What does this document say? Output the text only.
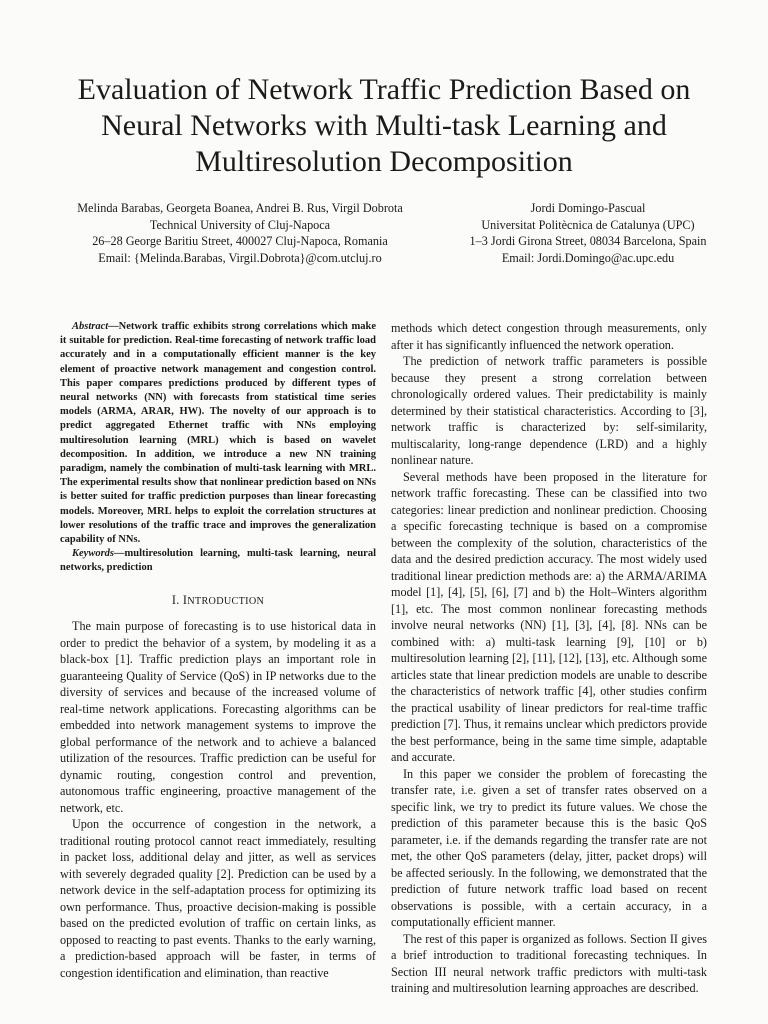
Evaluation of Network Traffic Prediction Based on
Neural Networks with Multi-task Learning and
Multiresolution Decomposition
Melinda Barabas, Georgeta Boanea, Andrei B. Rus, Virgil Dobrota
Technical University of Cluj-Napoca
26–28 George Baritiu Street, 400027 Cluj-Napoca, Romania
Email: {Melinda.Barabas, Virgil.Dobrota}@com.utcluj.ro
Jordi Domingo-Pascual
Universitat Politècnica de Catalunya (UPC)
1–3 Jordi Girona Street, 08034 Barcelona, Spain
Email: Jordi.Domingo@ac.upc.edu

Abstract—Network traffic exhibits strong correlations which make it suitable for prediction. Real-time forecasting of network traffic load accurately and in a computationally efficient manner is the key element of proactive network management and congestion control. This paper compares predictions produced by different types of neural networks (NN) with forecasts from statistical time series models (ARMA, ARAR, HW). The novelty of our approach is to predict aggregated Ethernet traffic with NNs employing multiresolution learning (MRL) which is based on wavelet decomposition. In addition, we introduce a new NN training paradigm, namely the combination of multi-task learning with MRL. The experimental results show that nonlinear prediction based on NNs is better suited for traffic prediction purposes than linear forecasting models. Moreover, MRL helps to exploit the correlation structures at lower resolutions of the traffic trace and improves the generalization capability of NNs.

Keywords—multiresolution learning, multi-task learning, neural networks, prediction

I. INTRODUCTION

The main purpose of forecasting is to use historical data in order to predict the behavior of a system, by modeling it as a black-box [1]. Traffic prediction plays an important role in guaranteeing Quality of Service (QoS) in IP networks due to the diversity of services and because of the increased volume of real-time network applications. Forecasting algorithms can be embedded into network management systems to improve the global performance of the network and to achieve a balanced utilization of the resources. Traffic prediction can be useful for dynamic routing, congestion control and prevention, autonomous traffic engineering, proactive management of the network, etc.

Upon the occurrence of congestion in the network, a traditional routing protocol cannot react immediately, resulting in packet loss, additional delay and jitter, as well as services with severely degraded quality [2]. Prediction can be used by a network device in the self-adaptation process for optimizing its own performance. Thus, proactive decision-making is possible based on the predicted evolution of traffic on certain links, as opposed to reacting to past events. Thanks to the early warning, a prediction-based approach will be faster, in terms of congestion identification and elimination, than reactive

methods which detect congestion through measurements, only after it has significantly influenced the network operation.

The prediction of network traffic parameters is possible because they present a strong correlation between chronologically ordered values. Their predictability is mainly determined by their statistical characteristics. According to [3], network traffic is characterized by: self-similarity, multiscalarity, long-range dependence (LRD) and a highly nonlinear nature.

Several methods have been proposed in the literature for network traffic forecasting. These can be classified into two categories: linear prediction and nonlinear prediction. Choosing a specific forecasting technique is based on a compromise between the complexity of the solution, characteristics of the data and the desired prediction accuracy. The most widely used traditional linear prediction methods are: a) the ARMA/ARIMA model [1], [4], [5], [6], [7] and b) the Holt–Winters algorithm [1], etc. The most common nonlinear forecasting methods involve neural networks (NN) [1], [3], [4], [8]. NNs can be combined with: a) multi-task learning [9], [10] or b) multiresolution learning [2], [11], [12], [13], etc. Although some articles state that linear prediction models are unable to describe the characteristics of network traffic [4], other studies confirm the practical usability of linear predictors for real-time traffic prediction [7]. Thus, it remains unclear which predictors provide the best performance, being in the same time simple, adaptable and accurate.

In this paper we consider the problem of forecasting the transfer rate, i.e. given a set of transfer rates observed on a specific link, we try to predict its future values. We chose the prediction of this parameter because this is the basic QoS parameter, i.e. if the demands regarding the transfer rate are not met, the other QoS parameters (delay, jitter, packet drops) will be affected seriously. In the following, we demonstrated that the prediction of future network traffic load based on recent observations is possible, with a certain accuracy, in a computationally efficient manner.

The rest of this paper is organized as follows. Section II gives a brief introduction to traditional forecasting techniques. In Section III neural network traffic predictors with multi-task training and multiresolution learning approaches are described.
